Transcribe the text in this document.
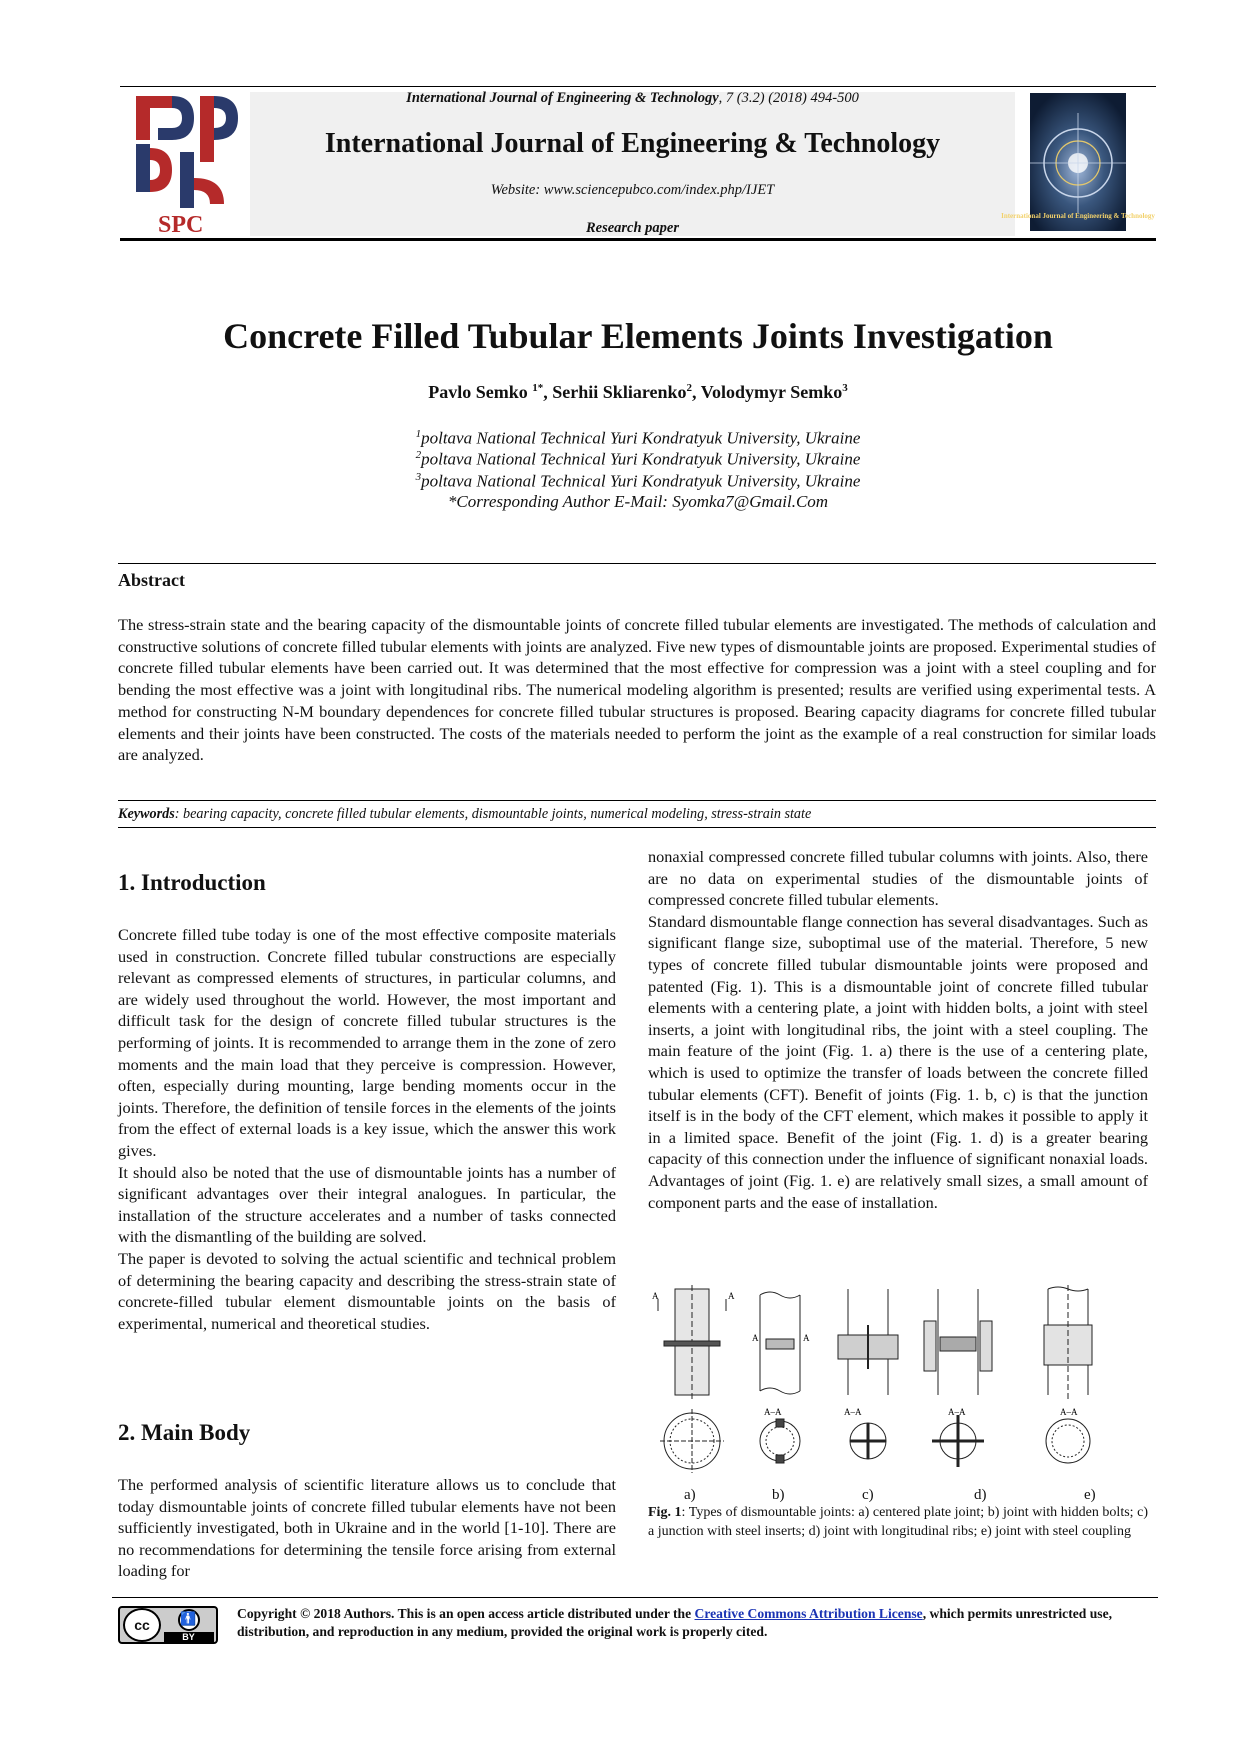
SPC	International Journal of Engineering & Technology
International Journal of Engineering & Technology, 7 (3.2) (2018) 494-500
International Journal of Engineering & Technology
Website: www.sciencepubco.com/index.php/IJET
Research paper
Concrete Filled Tubular Elements Joints Investigation
Pavlo Semko $^{1*}$, Serhii Skliarenko$^2$, Volodymyr Semko$^3$
$^1$poltava National Technical Yuri Kondratyuk University, Ukraine
$^2$poltava National Technical Yuri Kondratyuk University, Ukraine
$^3$poltava National Technical Yuri Kondratyuk University, Ukraine
*Corresponding Author E-Mail: Syomka7@Gmail.Com
Abstract
The stress-strain state and the bearing capacity of the dismountable joints of concrete filled tubular elements are investigated. The methods of calculation and constructive solutions of concrete filled tubular elements with joints are analyzed. Five new types of dismountable joints are proposed. Experimental studies of concrete filled tubular elements have been carried out. It was determined that the most effective for compression was a joint with a steel coupling and for bending the most effective was a joint with longitudinal ribs. The numerical modeling algorithm is presented; results are verified using experimental tests. A method for constructing N-M boundary dependences for concrete filled tubular structures is proposed. Bearing capacity diagrams for concrete filled tubular elements and their joints have been constructed. The costs of the materials needed to perform the joint as the example of a real construction for similar loads are analyzed.
Keywords: bearing capacity, concrete filled tubular elements, dismountable joints, numerical modeling, stress-strain state
1. Introduction

Concrete filled tube today is one of the most effective composite materials used in construction. Concrete filled tubular constructions are especially relevant as compressed elements of structures, in particular columns, and are widely used throughout the world. However, the most important and difficult task for the design of concrete filled tubular structures is the performing of joints. It is recommended to arrange them in the zone of zero moments and the main load that they perceive is compression. However, often, especially during mounting, large bending moments occur in the joints. Therefore, the definition of tensile forces in the elements of the joints from the effect of external loads is a key issue, which the answer this work gives.

It should also be noted that the use of dismountable joints has a number of significant advantages over their integral analogues. In particular, the installation of the structure accelerates and a number of tasks connected with the dismantling of the building are solved.

The paper is devoted to solving the actual scientific and technical problem of determining the bearing capacity and describing the stress-strain state of concrete-filled tubular element dismountable joints on the basis of experimental, numerical and theoretical studies.

2. Main Body

The performed analysis of scientific literature allows us to conclude that today dismountable joints of concrete filled tubular elements have not been sufficiently investigated, both in Ukraine and in the world [1-10]. There are no recommendations for determining the tensile force arising from external loading for

nonaxial compressed concrete filled tubular columns with joints. Also, there are no data on experimental studies of the dismountable joints of compressed concrete filled tubular elements.

Standard dismountable flange connection has several disadvantages. Such as significant flange size, suboptimal use of the material. Therefore, 5 new types of concrete filled tubular dismountable joints were proposed and patented (Fig. 1). This is a dismountable joint of concrete filled tubular elements with a centering plate, a joint with hidden bolts, a joint with steel inserts, a joint with longitudinal ribs, the joint with a steel coupling. The main feature of the joint (Fig. 1. a) there is the use of a centering plate, which is used to optimize the transfer of loads between the concrete filled tubular elements (CFT). Benefit of joints (Fig. 1. b, c) is that the junction itself is in the body of the CFT element, which makes it possible to apply it in a limited space. Benefit of the joint (Fig. 1. d) is a greater bearing capacity of this connection under the influence of significant nonaxial loads. Advantages of joint (Fig. 1. e) are relatively small sizes, a small amount of component parts and the ease of installation.

A	A
A	A
A–A	A–A	A–A	A–A
a)	b)	c)	d)	e)
Fig. 1: Types of dismountable joints: a) centered plate joint; b) joint with hidden bolts; c) a junction with steel inserts; d) joint with longitudinal ribs; e) joint with steel coupling
cc	🚹
BY
Copyright © 2018 Authors. This is an open access article distributed under the Creative Commons Attribution License, which permits unrestricted use, distribution, and reproduction in any medium, provided the original work is properly cited.
